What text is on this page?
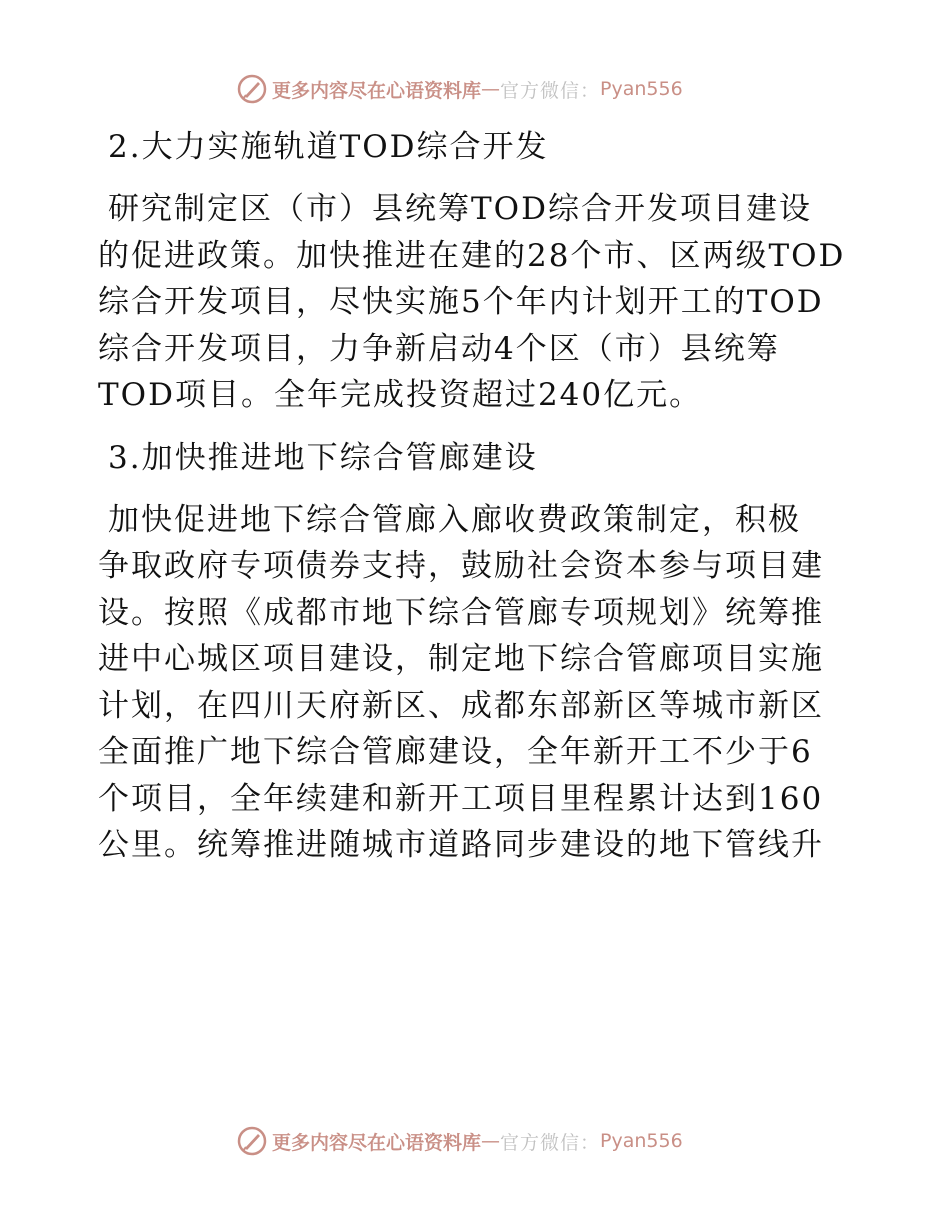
更多内容尽在心语资料库 — 官方微信： Pyan556
2.大力实施轨道TOD综合开发
研究制定区（市）县统筹TOD综合开发项目建设
的促进政策。加快推进在建的28个市、区两级TOD
综合开发项目，尽快实施5个年内计划开工的TOD
综合开发项目，力争新启动4个区（市）县统筹
TOD项目。全年完成投资超过240亿元。
3.加快推进地下综合管廊建设
加快促进地下综合管廊入廊收费政策制定，积极
争取政府专项债券支持，鼓励社会资本参与项目建
设。按照《成都市地下综合管廊专项规划》统筹推
进中心城区项目建设，制定地下综合管廊项目实施
计划，在四川天府新区、成都东部新区等城市新区
全面推广地下综合管廊建设，全年新开工不少于6
个项目，全年续建和新开工项目里程累计达到160
公里。统筹推进随城市道路同步建设的地下管线升
更多内容尽在心语资料库 — 官方微信： Pyan556
